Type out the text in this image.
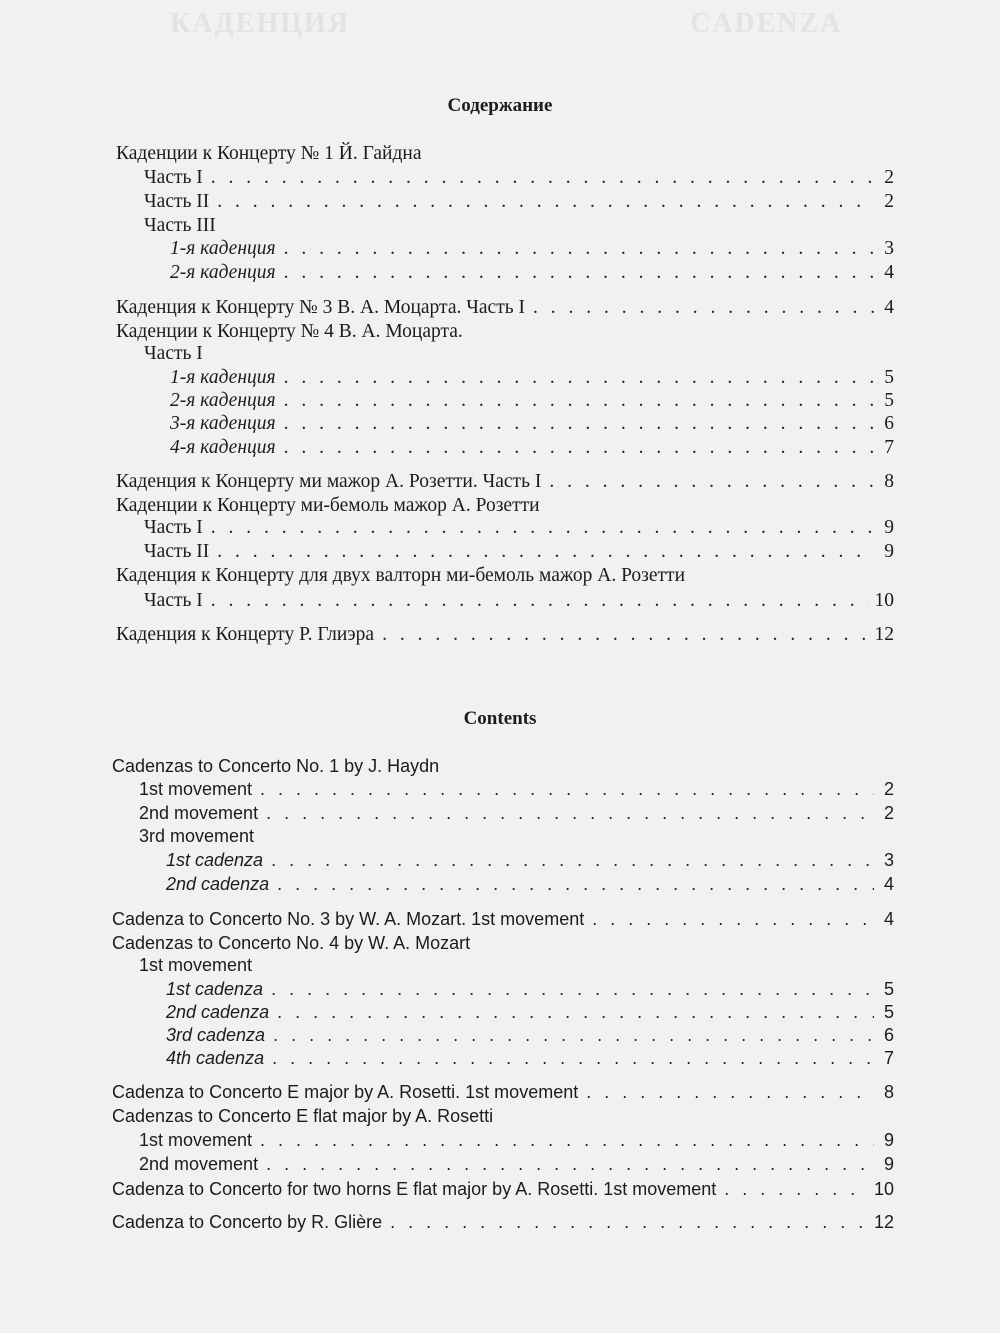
КАДЕНЦИЯ	CADENZA
Содержание
Каденции к Концерту № 1 Й. Гайдна
Часть I . . .	2
Часть II . . .	2
Часть III
1-я каденция . . .	3
2-я каденция . . .	4
Каденция к Концерту № 3 В. А. Моцарта. Часть I . . .	4
Каденции к Концерту № 4 В. А. Моцарта.
Часть I
1-я каденция . . .	5
2-я каденция . . .	5
3-я каденция . . .	6
4-я каденция . . .	7
Каденция к Концерту ми мажор А. Розетти. Часть I . . .	8
Каденции к Концерту ми-бемоль мажор А. Розетти
Часть I . . .	9
Часть II . . .	9
Каденция к Концерту для двух валторн ми-бемоль мажор А. Розетти
Часть I . . .	10
Каденция к Концерту Р. Глиэра . . .	12
Contents
Cadenzas to Concerto No. 1 by J. Haydn
1st movement . . .	2
2nd movement . . .	2
3rd movement
1st cadenza . . .	3
2nd cadenza . . .	4
Cadenza to Concerto No. 3 by W. A. Mozart. 1st movement . . .	4
Cadenzas to Concerto No. 4 by W. A. Mozart
1st movement
1st cadenza . . .	5
2nd cadenza . . .	5
3rd cadenza . . .	6
4th cadenza . . .	7
Cadenza to Concerto E major by A. Rosetti. 1st movement . . .	8
Cadenzas to Concerto E flat major by A. Rosetti
1st movement . . .	9
2nd movement . . .	9
Cadenza to Concerto for two horns E flat major by A. Rosetti. 1st movement . . .	10
Cadenza to Concerto by R. Glière . . .	12
